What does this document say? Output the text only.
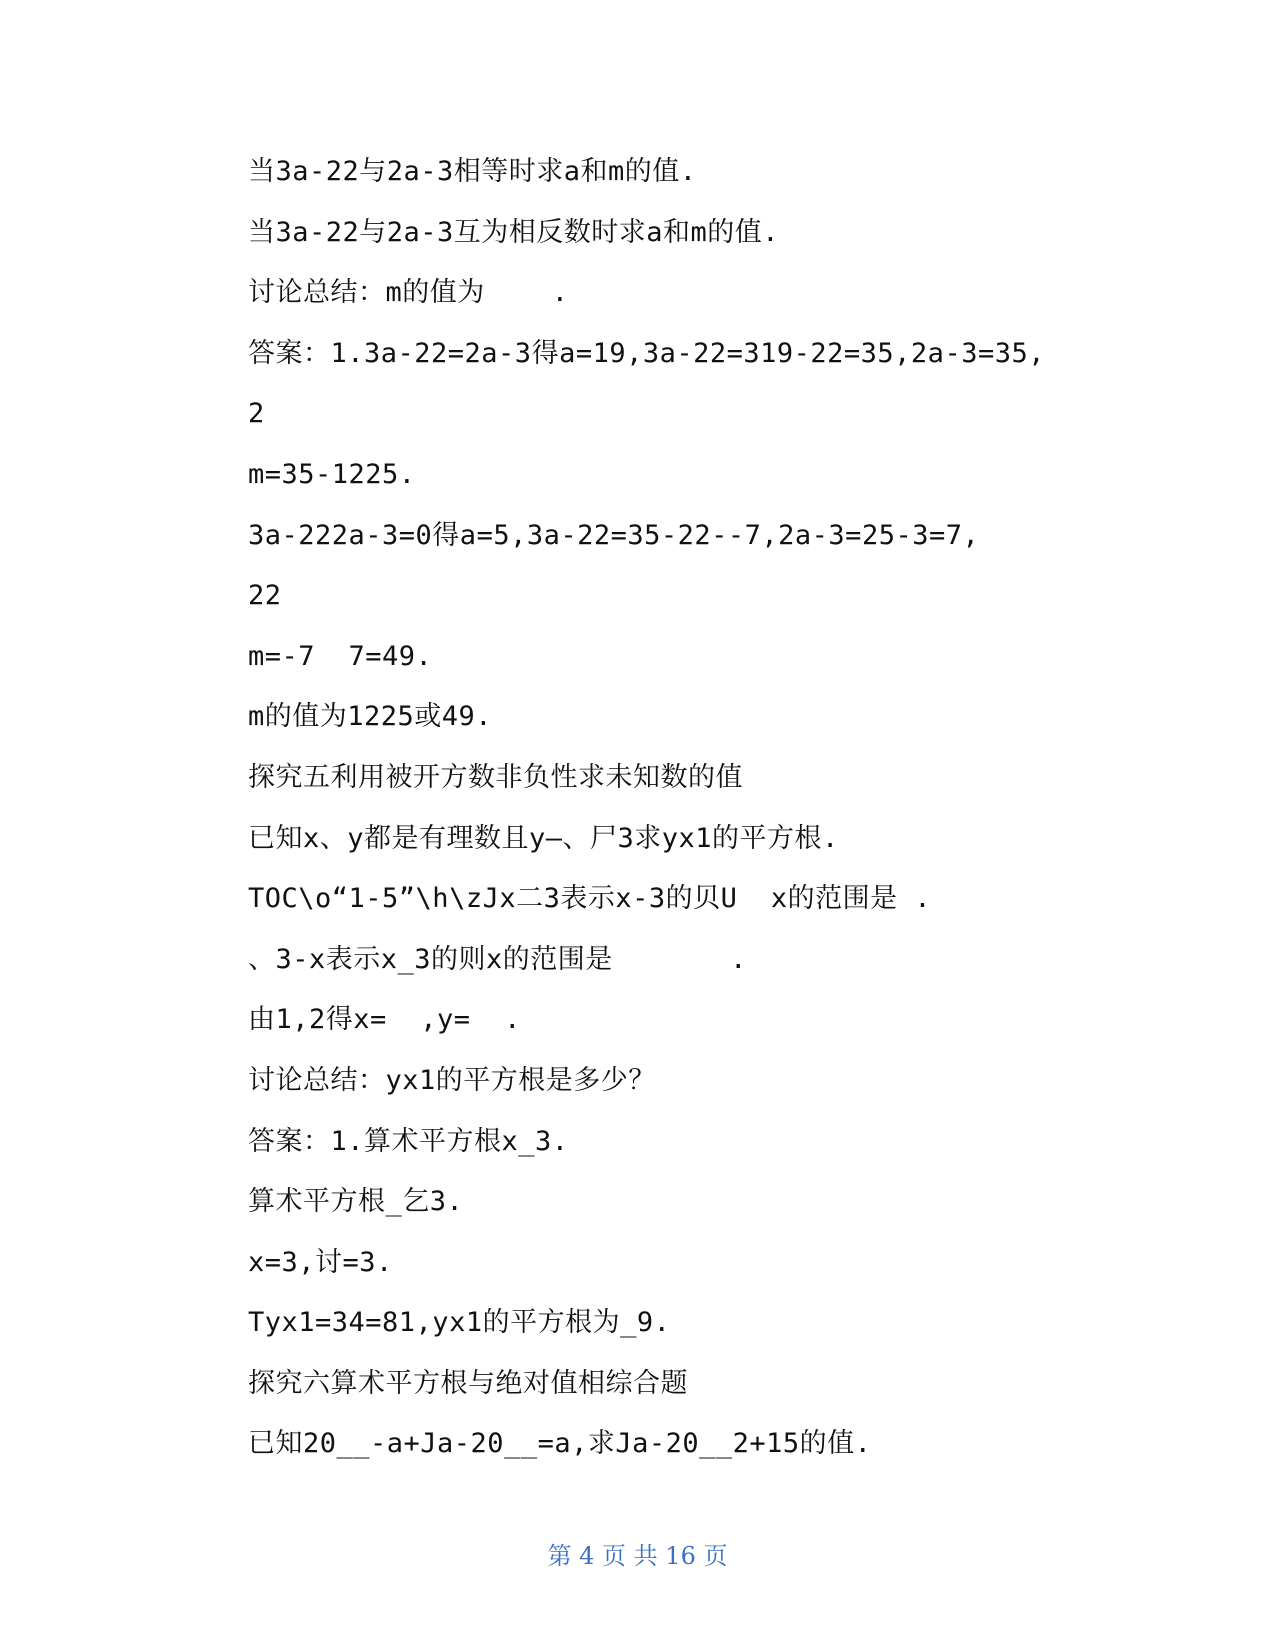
当3a-22与2a-3相等时求a和m的值.
当3a-22与2a-3互为相反数时求a和m的值.
讨论总结：m的值为    .
答案：1.3a-22=2a-3得a=19,3a-22=319-22=35,2a-3=35,
2
m=35-1225.
3a-222a-3=0得a=5,3a-22=35-22--7,2a-3=25-3=7,
22
m=-7  7=49.
m的值为1225或49.
探究五利用被开方数非负性求未知数的值
已知x、y都是有理数且y—、尸3求yx1的平方根.
TOC\o“1-5”\h\zJx二3表示x-3的贝U  x的范围是 .
、3-x表示x_3的则x的范围是       .
由1,2得x=  ,y=  .
讨论总结：yx1的平方根是多少？
答案：1.算术平方根x_3.
算术平方根_乞3.
x=3,讨=3.
Tyx1=34=81,yx1的平方根为_9.
探究六算术平方根与绝对值相综合题
已知20__-a+Ja-20__=a,求Ja-20__2+15的值.
第 4 页 共 16 页
